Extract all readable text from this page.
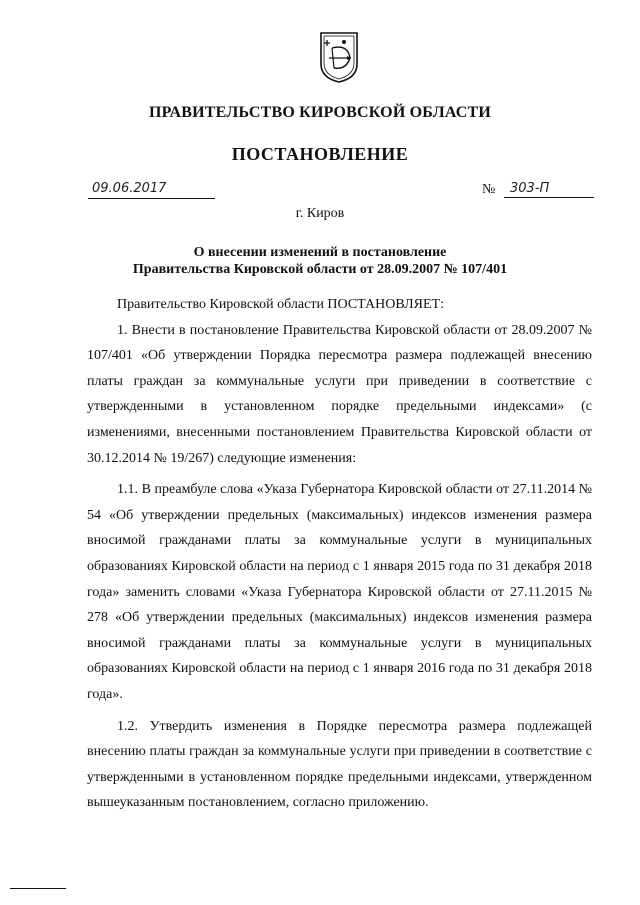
ПРАВИТЕЛЬСТВО КИРОВСКОЙ ОБЛАСТИ
ПОСТАНОВЛЕНИЕ
09.06.2017	№ 303-П
г. Киров
О внесении изменений в постановление
Правительства Кировской области от 28.09.2007 № 107/401

Правительство Кировской области ПОСТАНОВЛЯЕТ:

1. Внести в постановление Правительства Кировской области от 28.09.2007 № 107/401 «Об утверждении Порядка пересмотра размера подлежащей внесению платы граждан за коммунальные услуги при приведении в соответствие с утвержденными в установленном порядке предельными индексами» (с изменениями, внесенными постановлением Правительства Кировской области от 30.12.2014 № 19/267) следующие изменения:

1.1. В преамбуле слова «Указа Губернатора Кировской области от 27.11.2014 № 54 «Об утверждении предельных (максимальных) индексов изменения размера вносимой гражданами платы за коммунальные услуги в муниципальных образованиях Кировской области на период с 1 января 2015 года по 31 декабря 2018 года» заменить словами «Указа Губернатора Кировской области от 27.11.2015 № 278 «Об утверждении предельных (максимальных) индексов изменения размера вносимой гражданами платы за коммунальные услуги в муниципальных образованиях Кировской области на период с 1 января 2016 года по 31 декабря 2018 года».

1.2. Утвердить изменения в Порядке пересмотра размера подлежащей внесению платы граждан за коммунальные услуги при приведении в соответствие с утвержденными в установленном порядке предельными индексами, утвержденном вышеуказанным постановлением, согласно приложению.
